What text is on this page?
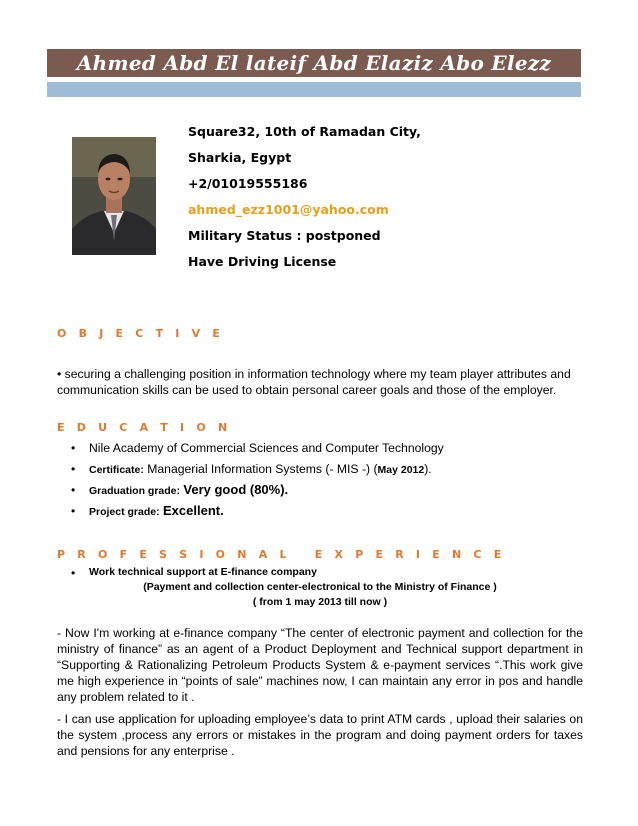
Ahmed Abd El lateif Abd Elaziz Abo Elezz
Square32, 10th of Ramadan City,
Sharkia, Egypt
+2/01019555186
ahmed_ezz1001@yahoo.com
Military Status : postponed
Have Driving License
O B J E C T I V E
• securing a challenging position in information technology where my team player attributes and communication skills can be used to obtain personal career goals and those of the employer.
E D U C A T I O N
• Nile Academy of Commercial Sciences and Computer Technology
• Certificate: Managerial Information Systems (- MIS -) (May 2012).
• Graduation grade: Very good (80%).
• Project grade: Excellent.
P R O F E S S I O N A L   E X P E R I E N C E
• Work technical support at E-finance company
(Payment and collection center-electronical to the Ministry of Finance )
( from 1 may 2013 till now )
- Now I'm working at e-finance company “The center of electronic payment and collection for the ministry of finance” as an agent of a Product Deployment and Technical support department in “Supporting & Rationalizing Petroleum Products System & e-payment services “.This work give me high experience in “points of sale” machines now, I can maintain any error in pos and handle any problem related to it .
- I can use application for uploading employee’s data to print ATM cards , upload their salaries on the system ,process any errors or mistakes in the program and doing payment orders for taxes and pensions for any enterprise .
